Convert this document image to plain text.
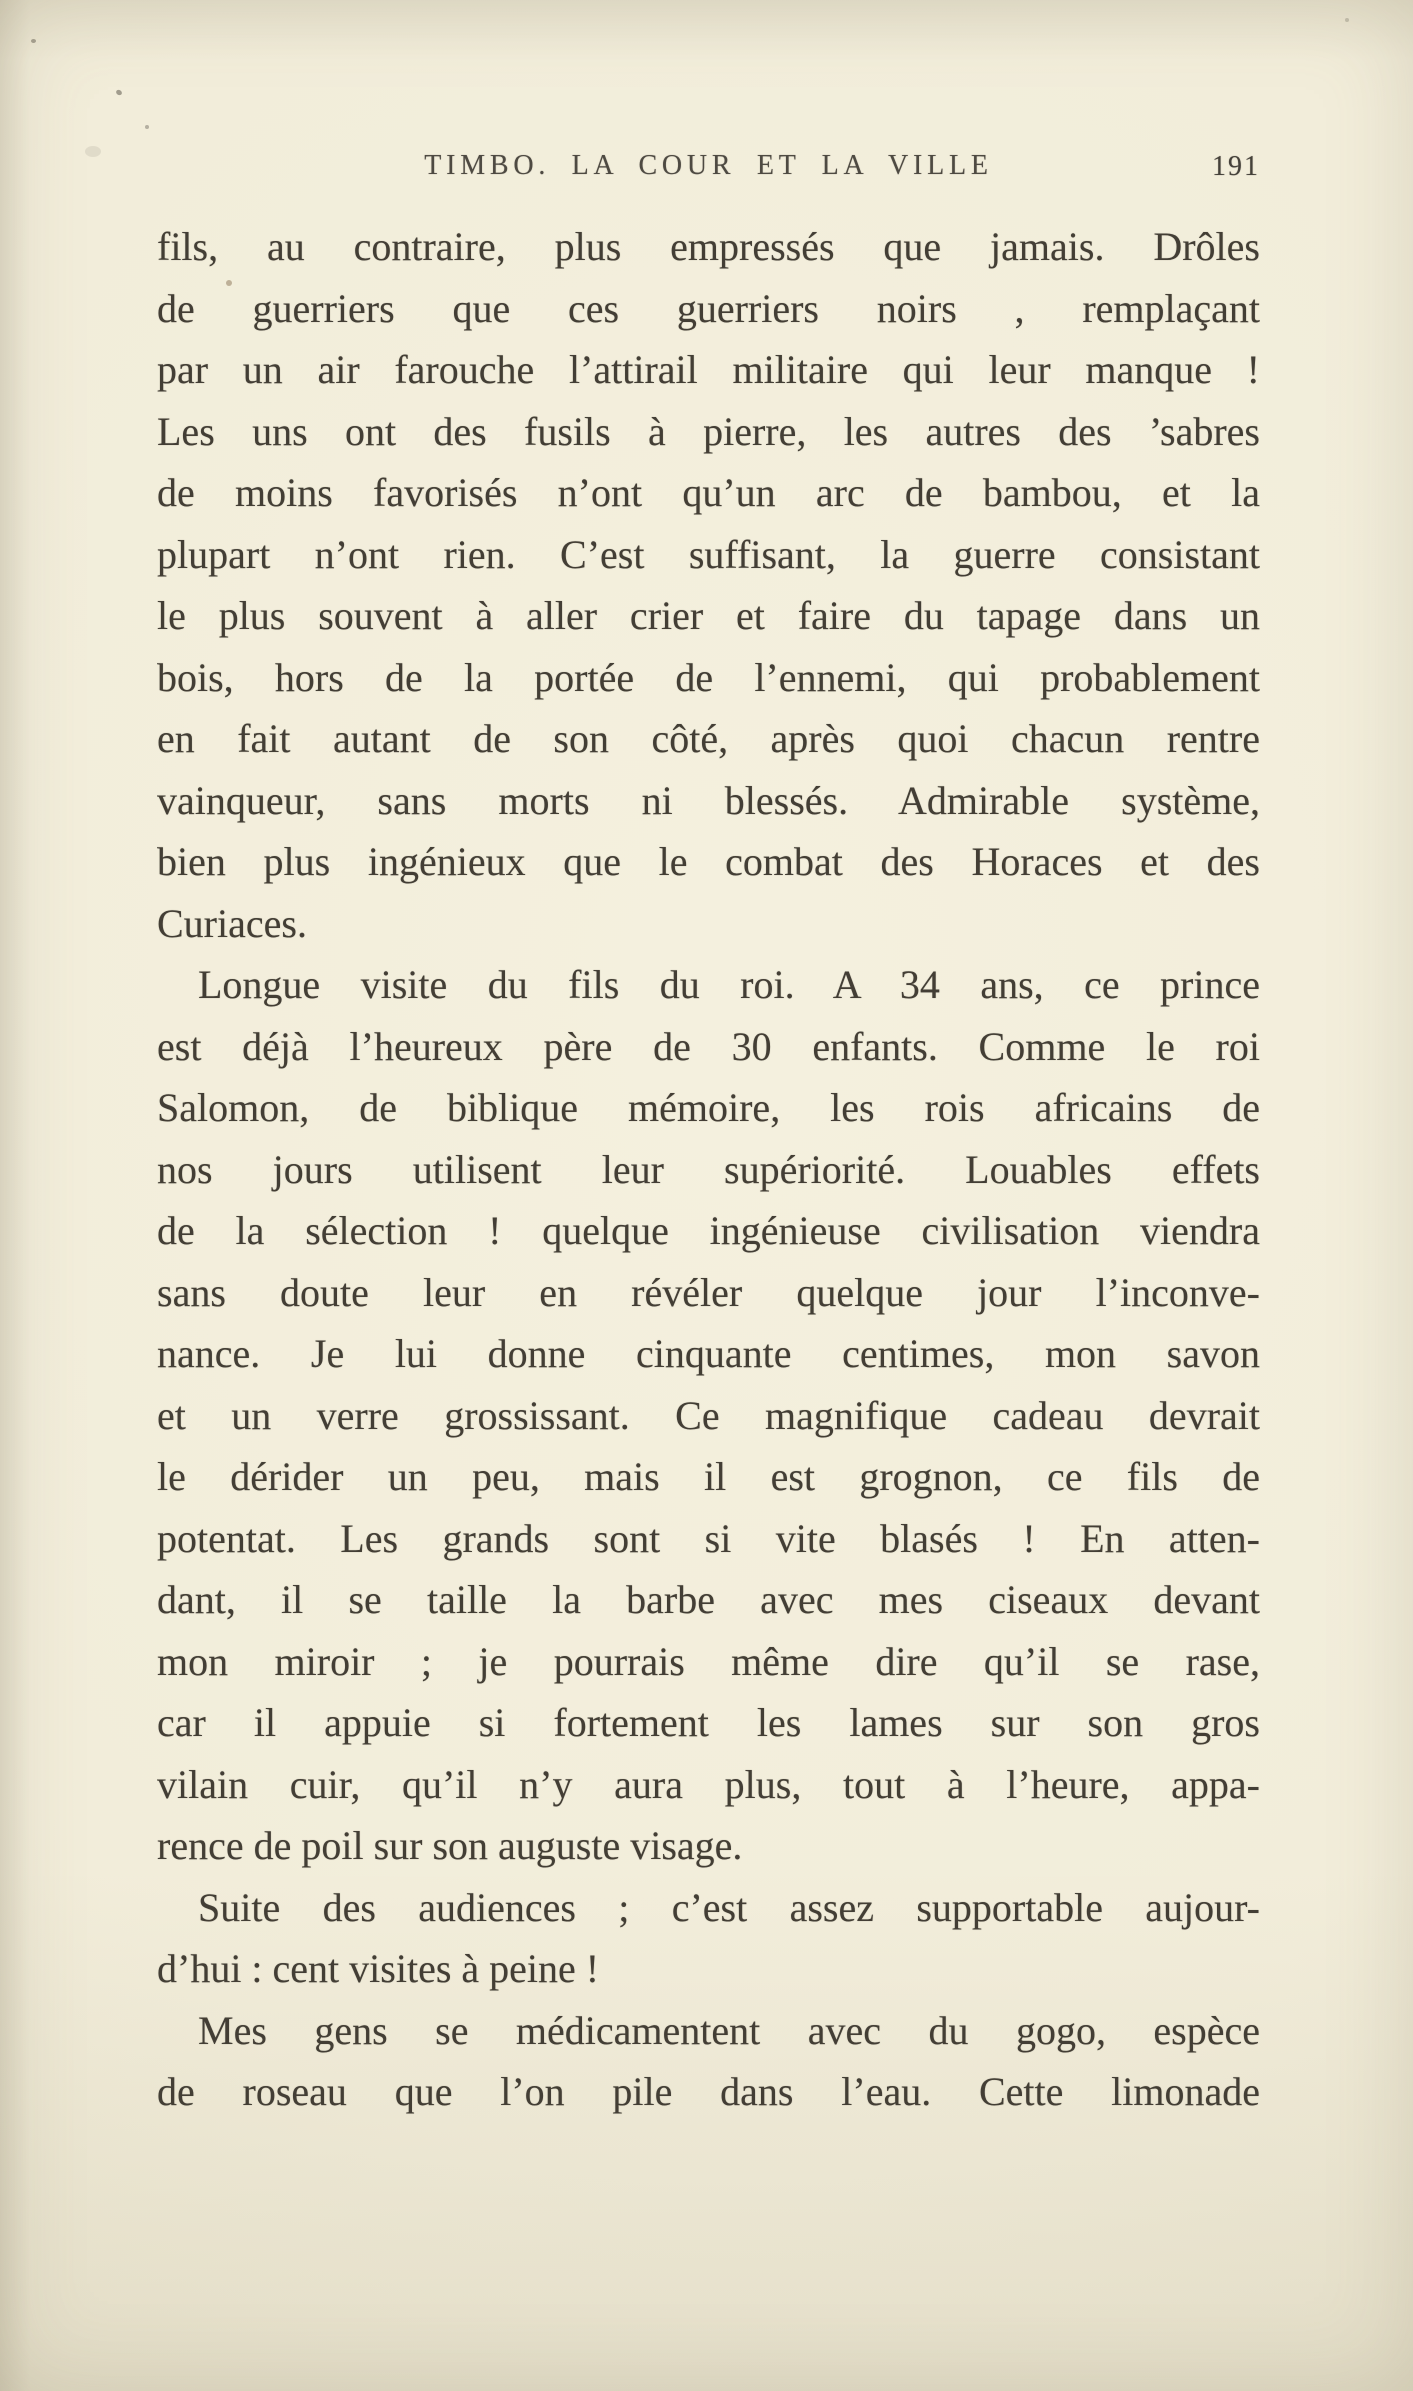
TIMBO. LA COUR ET LA VILLE	191
fils, au contraire, plus empressés que jamais. Drôles
de guerriers que ces guerriers noirs , remplaçant
par un air farouche l’attirail militaire qui leur manque !
Les uns ont des fusils à pierre, les autres des ’sabres
de moins favorisés n’ont qu’un arc de bambou, et la
plupart n’ont rien. C’est suffisant, la guerre consistant
le plus souvent à aller crier et faire du tapage dans un
bois, hors de la portée de l’ennemi, qui probablement
en fait autant de son côté, après quoi chacun rentre
vainqueur, sans morts ni blessés. Admirable système,
bien plus ingénieux que le combat des Horaces et des
Curiaces.
Longue visite du fils du roi. A 34 ans, ce prince
est déjà l’heureux père de 30 enfants. Comme le roi
Salomon, de biblique mémoire, les rois africains de
nos jours utilisent leur supériorité. Louables effets
de la sélection ! quelque ingénieuse civilisation viendra
sans doute leur en révéler quelque jour l’inconve-
nance. Je lui donne cinquante centimes, mon savon
et un verre grossissant. Ce magnifique cadeau devrait
le dérider un peu, mais il est grognon, ce fils de
potentat. Les grands sont si vite blasés ! En atten-
dant, il se taille la barbe avec mes ciseaux devant
mon miroir ; je pourrais même dire qu’il se rase,
car il appuie si fortement les lames sur son gros
vilain cuir, qu’il n’y aura plus, tout à l’heure, appa-
rence de poil sur son auguste visage.
Suite des audiences ; c’est assez supportable aujour-
d’hui : cent visites à peine !
Mes gens se médicamentent avec du gogo, espèce
de roseau que l’on pile dans l’eau. Cette limonade
